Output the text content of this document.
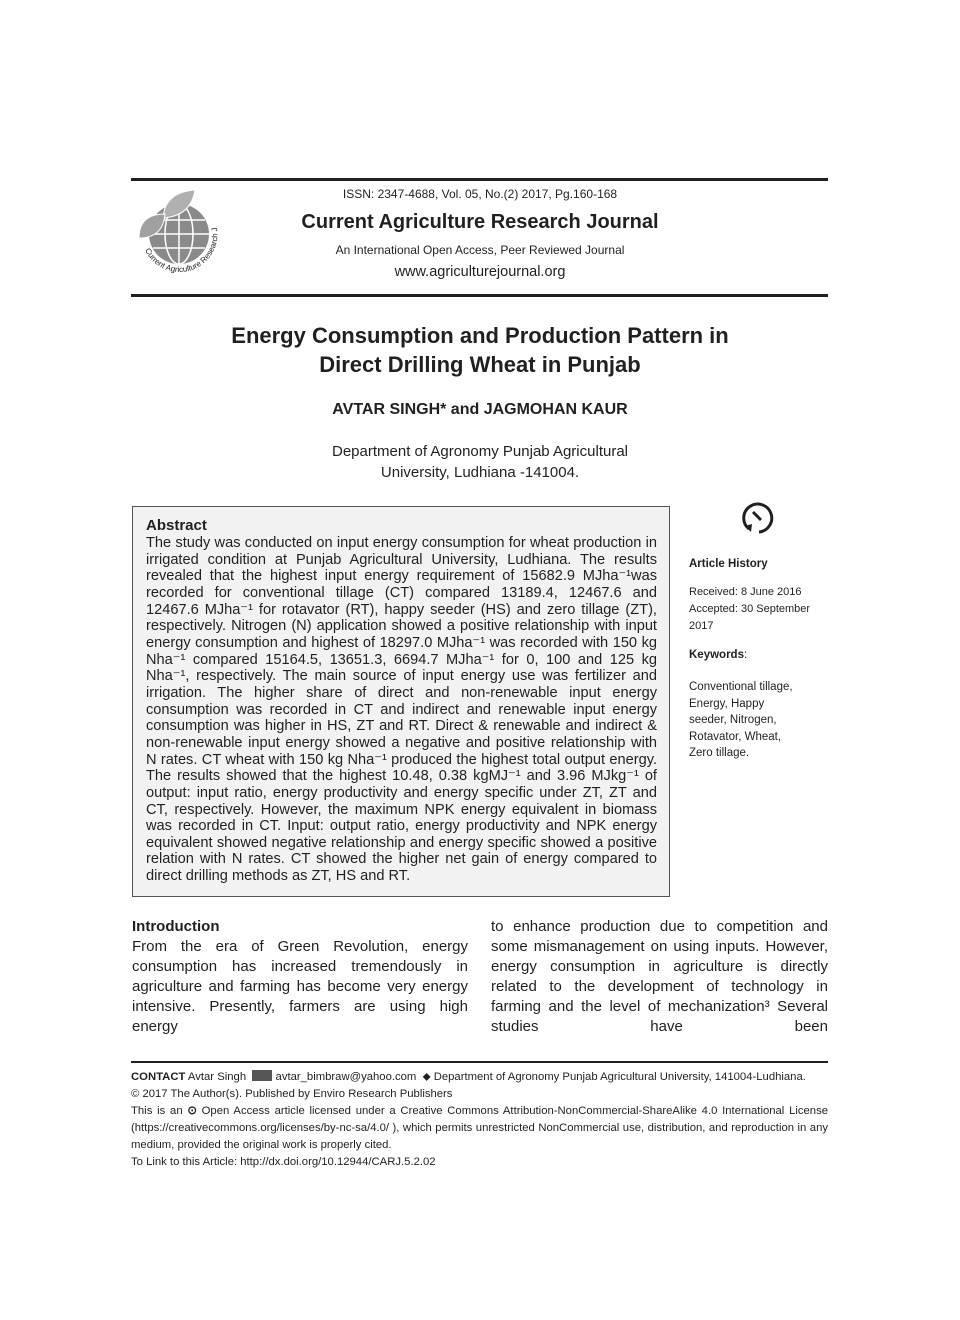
Current Agriculture Research J
ISSN: 2347-4688, Vol. 05, No.(2) 2017, Pg.160-168
Current Agriculture Research Journal
An International Open Access, Peer Reviewed Journal
www.agriculturejournal.org
Energy Consumption and Production Pattern in
Direct Drilling Wheat in Punjab
AVTAR SINGH* and JAGMOHAN KAUR
Department of Agronomy Punjab Agricultural
University, Ludhiana -141004.
Abstract
The study was conducted on input energy consumption for wheat production in irrigated condition at Punjab Agricultural University, Ludhiana. The results revealed that the highest input energy requirement of 15682.9 MJha⁻¹was recorded for conventional tillage (CT) compared 13189.4, 12467.6 and 12467.6 MJha⁻¹ for rotavator (RT), happy seeder (HS) and zero tillage (ZT), respectively. Nitrogen (N) application showed a positive relationship with input energy consumption and highest of 18297.0 MJha⁻¹ was recorded with 150 kg Nha⁻¹ compared 15164.5, 13651.3, 6694.7 MJha⁻¹ for 0, 100 and 125 kg Nha⁻¹, respectively. The main source of input energy use was fertilizer and irrigation. The higher share of direct and non-renewable input energy consumption was recorded in CT and indirect and renewable input energy consumption was higher in HS, ZT and RT. Direct & renewable and indirect & non-renewable input energy showed a negative and positive relationship with N rates. CT wheat with 150 kg Nha⁻¹ produced the highest total output energy. The results showed that the highest 10.48, 0.38 kgMJ⁻¹ and 3.96 MJkg⁻¹ of output: input ratio, energy productivity and energy specific under ZT, ZT and CT, respectively. However, the maximum NPK energy equivalent in biomass was recorded in CT. Input: output ratio, energy productivity and NPK energy equivalent showed negative relationship and energy specific showed a positive relation with N rates. CT showed the higher net gain of energy compared to direct drilling methods as ZT, HS and RT.
Article History
Received: 8 June 2016
Accepted: 30 September 2017
Keywords:
Conventional tillage, Energy, Happy seeder, Nitrogen, Rotavator, Wheat, Zero tillage.
Introduction
From the era of Green Revolution, energy consumption has increased tremendously in agriculture and farming has become very energy intensive. Presently, farmers are using high energy
to enhance production due to competition and some mismanagement on using inputs. However, energy consumption in agriculture is directly related to the development of technology in farming and the level of mechanization³ Several studies have been

CONTACT Avtar Singh	avtar_bimbraw@yahoo.com ⬥ Department of Agronomy Punjab Agricultural University, 141004-Ludhiana.

© 2017 The Author(s). Published by Enviro Research Publishers

This is an ⊙ Open Access article licensed under a Creative Commons Attribution-NonCommercial-ShareAlike 4.0 International License (https://creativecommons.org/licenses/by-nc-sa/4.0/ ), which permits unrestricted NonCommercial use, distribution, and reproduction in any medium, provided the original work is properly cited.

To Link to this Article: http://dx.doi.org/10.12944/CARJ.5.2.02
